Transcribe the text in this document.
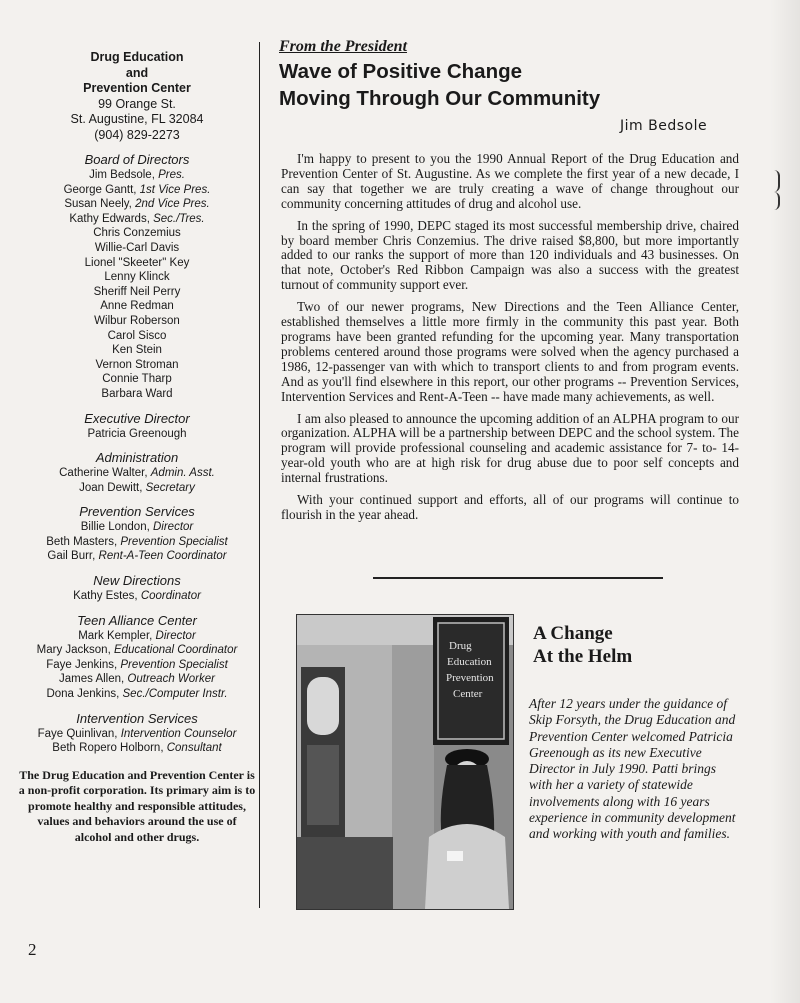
Drug Education
and
Prevention Center
99 Orange St.
St. Augustine, FL 32084
(904) 829-2273
Board of Directors
Jim Bedsole, Pres.
George Gantt, 1st Vice Pres.
Susan Neely, 2nd Vice Pres.
Kathy Edwards, Sec./Tres.
Chris Conzemius
Willie-Carl Davis
Lionel "Skeeter" Key
Lenny Klinck
Sheriff Neil Perry
Anne Redman
Wilbur Roberson
Carol Sisco
Ken Stein
Vernon Stroman
Connie Tharp
Barbara Ward
Executive Director
Patricia Greenough
Administration
Catherine Walter, Admin. Asst.
Joan Dewitt, Secretary
Prevention Services
Billie London, Director
Beth Masters, Prevention Specialist
Gail Burr, Rent-A-Teen Coordinator
New Directions
Kathy Estes, Coordinator
Teen Alliance Center
Mark Kempler, Director
Mary Jackson, Educational Coordinator
Faye Jenkins, Prevention Specialist
James Allen, Outreach Worker
Dona Jenkins, Sec./Computer Instr.
Intervention Services
Faye Quinlivan, Intervention Counselor
Beth Ropero Holborn, Consultant
The Drug Education and Prevention Center is a non-profit corporation. Its primary aim is to promote healthy and responsible attitudes, values and behaviors around the use of alcohol and other drugs.
2
From the President
Wave of Positive Change
Moving Through Our Community
Jim Bedsole

I'm happy to present to you the 1990 Annual Report of the Drug Education and Prevention Center of St. Augustine. As we complete the first year of a new decade, I can say that together we are truly creating a wave of change throughout our community concerning attitudes of drug and alcohol use.

In the spring of 1990, DEPC staged its most successful membership drive, chaired by board member Chris Conzemius. The drive raised $8,800, but more importantly added to our ranks the support of more than 120 individuals and 43 businesses. On that note, October's Red Ribbon Campaign was also a success with the greatest turnout of community support ever.

Two of our newer programs, New Directions and the Teen Alliance Center, established themselves a little more firmly in the community this past year. Both programs have been granted refunding for the upcoming year. Many transportation problems centered around those programs were solved when the agency purchased a 1986, 12-passenger van with which to transport clients to and from program events. And as you'll find elsewhere in this report, our other programs -- Prevention Services, Intervention Services and Rent-A-Teen -- have made many achievements, as well.

I am also pleased to announce the upcoming addition of an ALPHA program to our organization. ALPHA will be a partnership between DEPC and the school system. The program will provide professional counseling and academic assistance for 7- to- 14-year-old youth who are at high risk for drug abuse due to poor self concepts and internal frustrations.

With your continued support and efforts, all of our programs will continue to flourish in the year ahead.

Drug
Education
Prevention
Center
A Change
At the Helm
After 12 years under the guidance of Skip Forsyth, the Drug Education and Prevention Center welcomed Patricia Greenough as its new Executive Director in July 1990. Patti brings with her a variety of statewide involvements along with 16 years experience in community development and working with youth and families.
